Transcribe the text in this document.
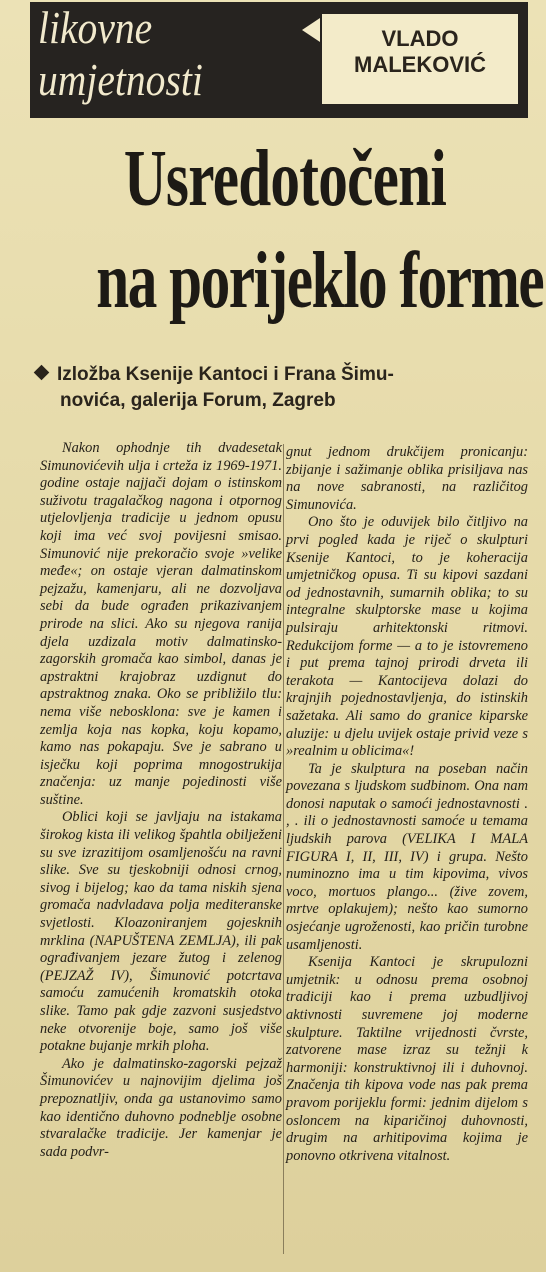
likovne
umjetnosti
VLADO
MALEKOVIĆ
Usredotočeni
na porijeklo forme
Izložba Ksenije Kantoci i Frana Šimu-
novića, galerija Forum, Zagreb

Nakon ophodnje tih dvadesetak Simunovićevih ulja i crteža iz 1969-1971. godine ostaje najjači dojam o istinskom suživotu tragalačkog nagona i otpornog utjelovljenja tradicije u jednom opusu koji ima već svoj povijesni smisao. Simunović nije prekoračio svoje »velike međe«; on ostaje vjeran dalmatinskom pejzažu, kamenjaru, ali ne dozvoljava sebi da bude ograđen prikazivanjem prirode na slici. Ako su njegova ranija djela uzdizala motiv dalmatinsko-zagorskih gromača kao simbol, danas je apstraktni krajobraz uzdignut do apstraktnog znaka. Oko se približilo tlu: nema više nebosklona: sve je kamen i zemlja koja nas kopka, koju kopamo, kamo nas pokapaju. Sve je sabrano u isječku koji poprima mnogostrukija značenja: uz manje pojedinosti više suštine.

Oblici koji se javljaju na istakama širokog kista ili velikog špahtla obilježeni su sve izrazitijom osamljenošću na ravni slike. Sve su tjeskobniji odnosi crnog, sivog i bijelog; kao da tama niskih sjena gromača nadvladava polja mediteranske svjetlosti. Kloazoniranjem gojesknih mrklina (NAPUŠTENA ZEMLJA), ili pak ograđivanjem jezare žutog i zelenog (PEJZAŽ IV), Šimunović potcrtava samoću zamućenih kromatskih otoka slike. Tamo pak gdje zazvoni susjedstvo neke otvorenije boje, samo još više potakne bujanje mrkih ploha.

Ako je dalmatinsko-zagorski pejzaž Šimunovićev u najnovijim djelima još prepoznatljiv, onda ga ustanovimo samo kao identično duhovno podneblje osobne stvaralačke tradicije. Jer kamenjar je sada podvr-

gnut jednom drukčijem proniсanju: zbijanje i sažimanje oblika prisiljava nas na nove sabranosti, na različitog Simunovića.

Ono što je oduvijek bilo čitljivo na prvi pogled kada je riječ o skulpturi Ksenije Kantoci, to je koheracija umjetničkog opusa. Ti su kipovi sazdani od jednostavnih, sumarnih oblika; to su integralne skulptorske mase u kojima pulsiraju arhitektonski ritmovi. Redukcijom forme — a to je istovremeno i put prema tajnoj prirodi drveta ili terakota — Kantocijeva dolazi do krajnjih pojednostavljenja, do istinskih sažetaka. Ali samo do granice kiparske aluzije: u djelu uvijek ostaje privid veze s »realnim u oblicima«!

Ta je skulptura na poseban način povezana s ljudskom sudbinom. Ona nam donosi naputak o samoći jednostavnosti . , . ili o jednostavnosti samoće u temama ljudskih parova (VELIKA I MALA FIGURA I, II, III, IV) i grupa. Nešto numinozno ima u tim kipovima, vivos voco, mortuos plango... (živе zovem, mrtve oplakujem); nešto kao sumorno osjećanje ugroženosti, kao pričin turobne usamljenosti.

Ksenija Kantoci je skrupulozni umjetnik: u odnosu prema osobnoj tradiciji kao i prema uzbudljivoj aktivnosti suvremene joj moderne skulpture. Taktilne vrijednosti čvrste, zatvorene mase izraz su težnji k harmoniji: konstruktivnoj ili i duhovnoj. Značenja tih kipova vode nas pak prema pravom porijeklu formi: jednim dijelom s osloncem na kiparičinoj duhovnosti, drugim na arhitipovima kojima je ponovno otkrivena vitalnost.
